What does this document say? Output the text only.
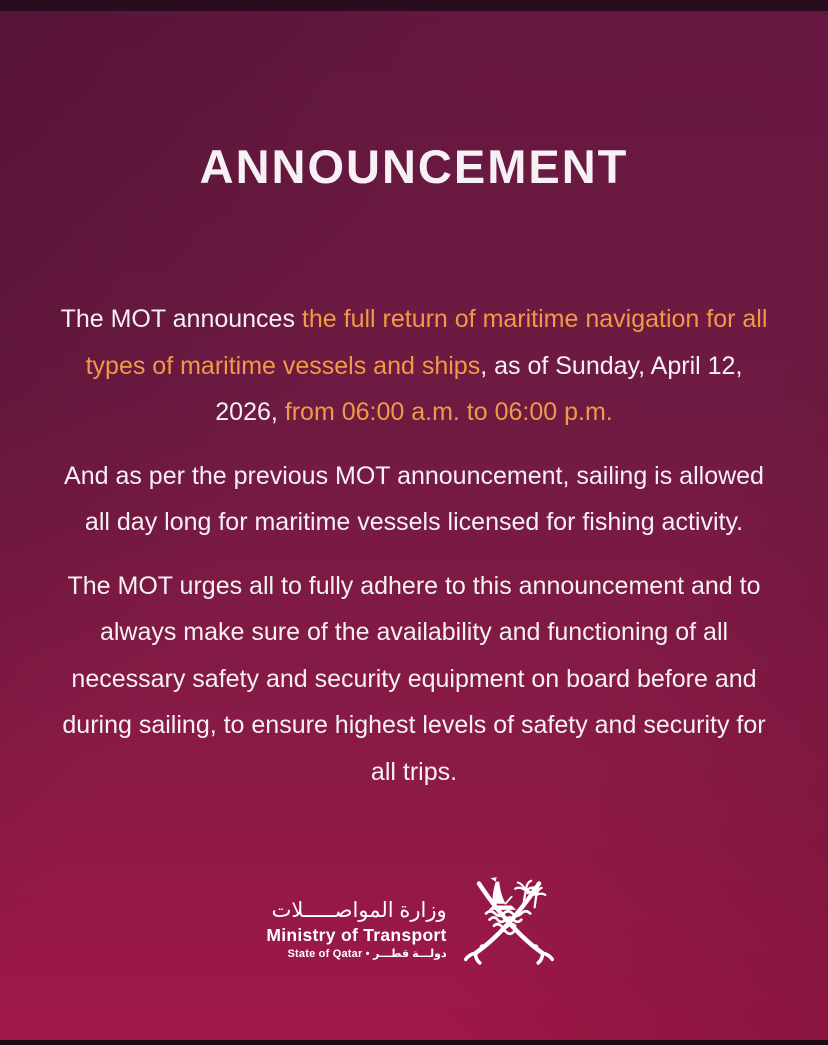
ANNOUNCEMENT

The MOT announces the full return of maritime navigation for all types of maritime vessels and ships, as of Sunday, April 12, 2026, from 06:00 a.m. to 06:00 p.m.

And as per the previous MOT announcement, sailing is allowed all day long for maritime vessels licensed for fishing activity.

The MOT urges all to fully adhere to this announcement and to always make sure of the availability and functioning of all necessary safety and security equipment on board before and during sailing, to ensure highest levels of safety and security for all trips.

وزارة المواصـــــلات
Ministry of Transport
State of Qatar • دولـــة قطـــر
